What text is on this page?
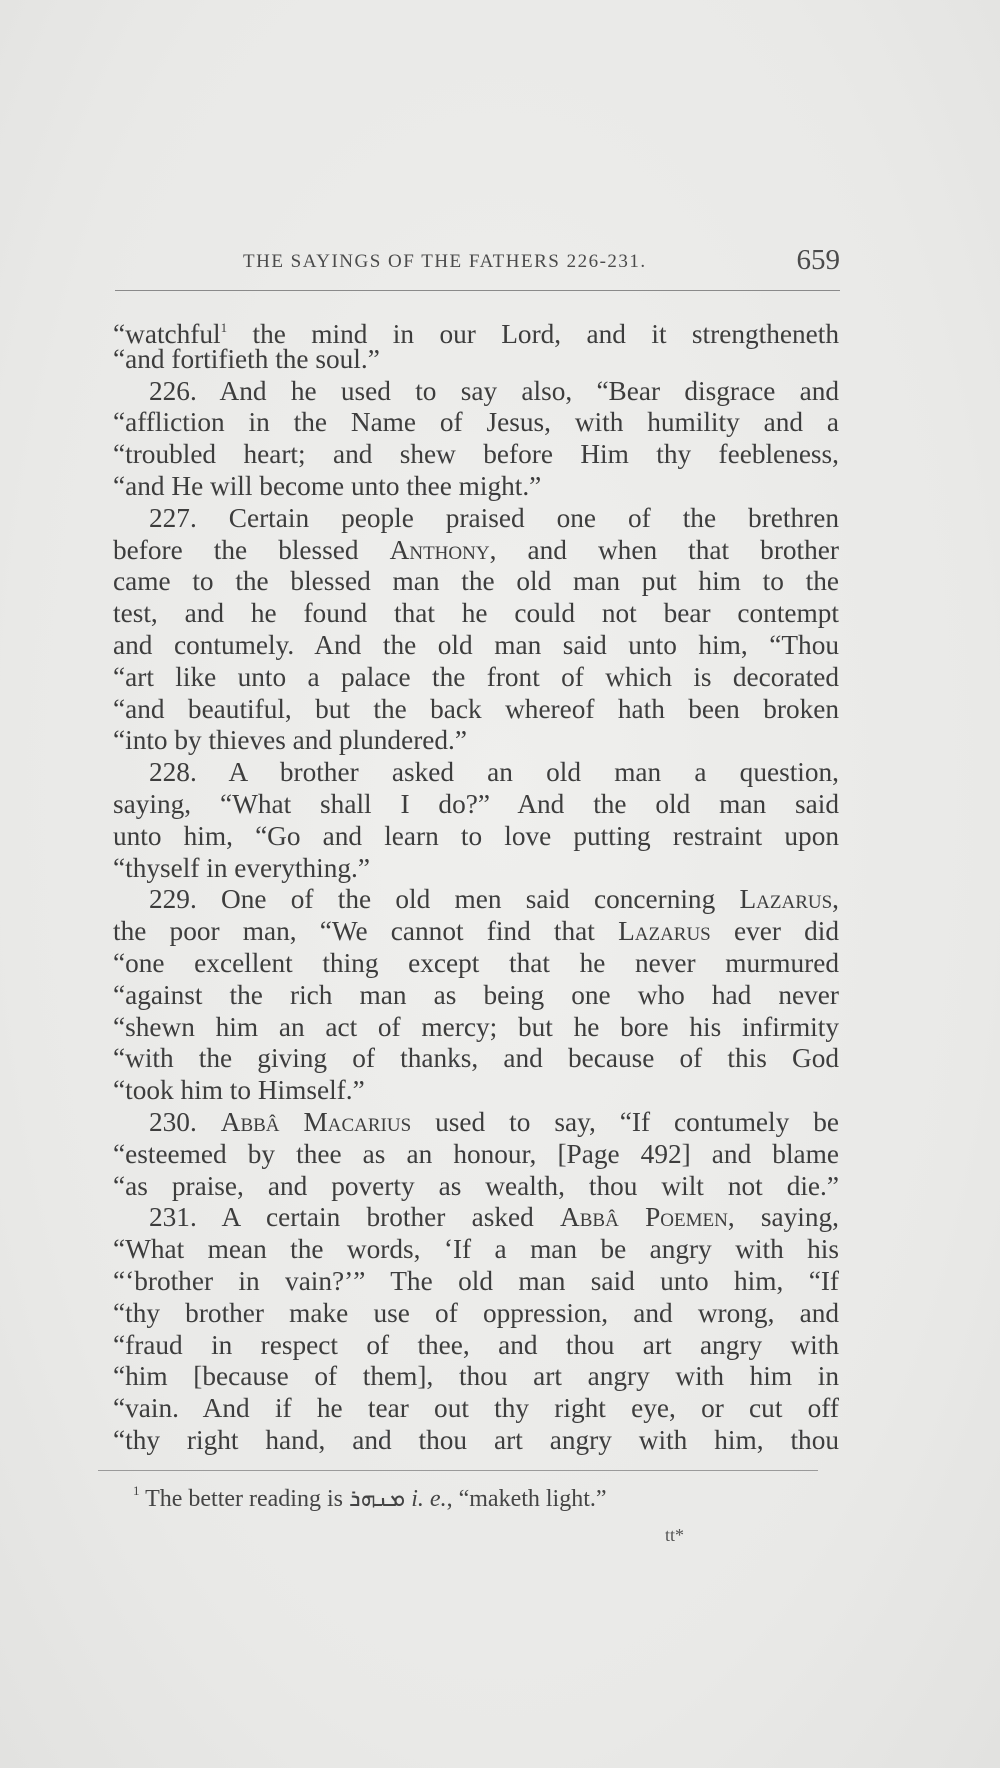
THE SAYINGS OF THE FATHERS 226-231.	659
“watchful$^1$ the mind in our Lord, and it strengtheneth
“and fortifieth the soul.”
226. And he used to say also, “Bear disgrace and
“affliction in the Name of Jesus, with humility and a
“troubled heart; and shew before Him thy feebleness,
“and He will become unto thee might.”
227. Certain people praised one of the brethren
before the blessed Anthony, and when that brother
came to the blessed man the old man put him to the
test, and he found that he could not bear contempt
and contumely. And the old man said unto him, “Thou
“art like unto a palace the front of which is decorated
“and beautiful, but the back whereof hath been broken
“into by thieves and plundered.”
228. A brother asked an old man a question,
saying, “What shall I do?” And the old man said
unto him, “Go and learn to love putting restraint upon
“thyself in everything.”
229. One of the old men said concerning Lazarus,
the poor man, “We cannot find that Lazarus ever did
“one excellent thing except that he never murmured
“against the rich man as being one who had never
“shewn him an act of mercy; but he bore his infirmity
“with the giving of thanks, and because of this God
“took him to Himself.”
230. Abbâ Macarius used to say, “If contumely be
“esteemed by thee as an honour, [Page 492] and blame
“as praise, and poverty as wealth, thou wilt not die.”
231. A certain brother asked Abbâ Poemen, saying,
“What mean the words, ‘If a man be angry with his
“‘brother in vain?’” The old man said unto him, “If
“thy brother make use of oppression, and wrong, and
“fraud in respect of thee, and thou art angry with
“him [because of them], thou art angry with him in
“vain. And if he tear out thy right eye, or cut off
“thy right hand, and thou art angry with him, thou
$^1$ The better reading is ܡܢܗܪ i. e., “maketh light.”
tt*
